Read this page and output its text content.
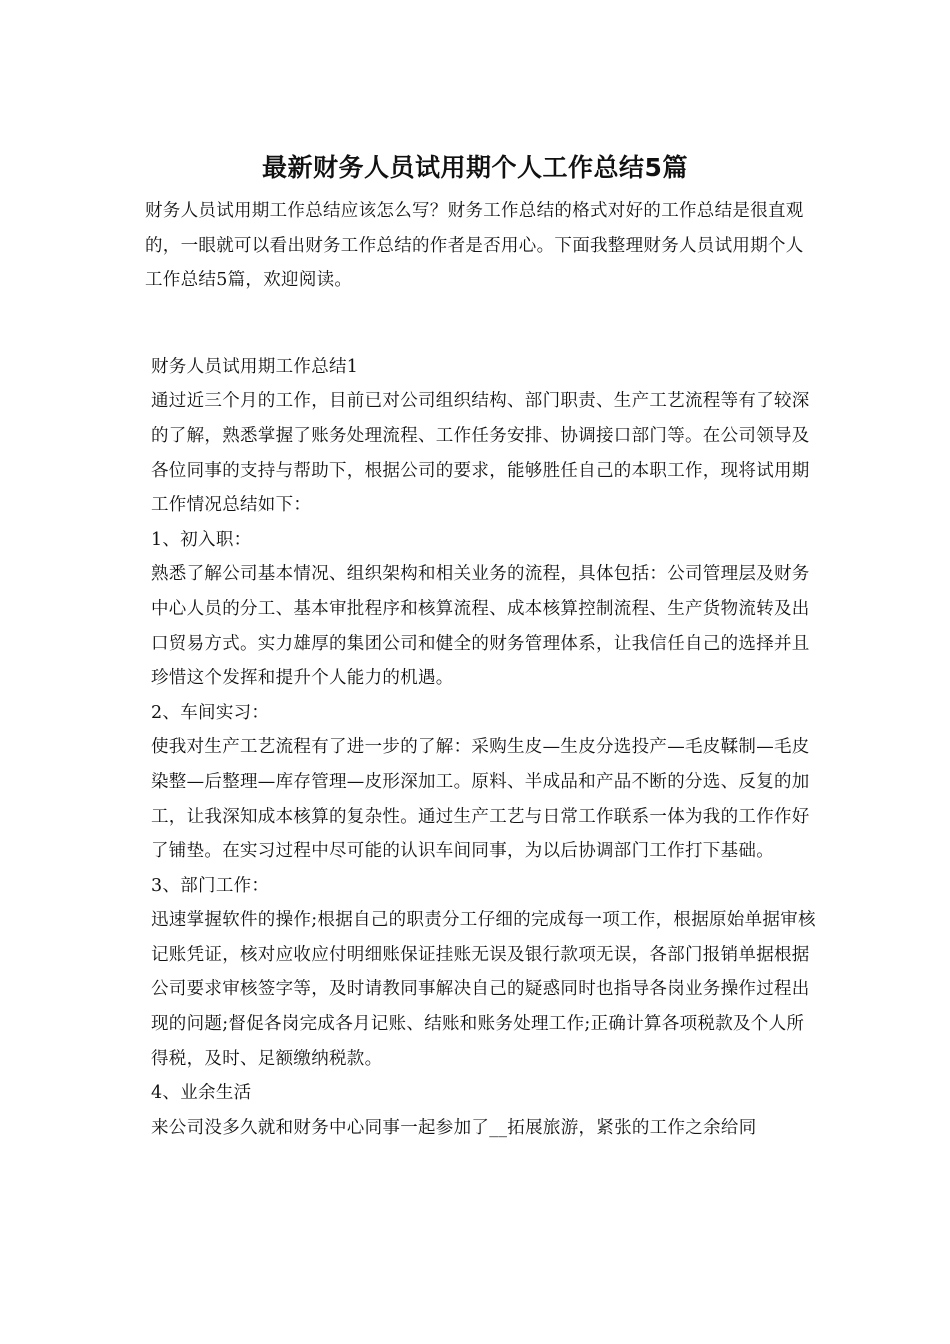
最新财务人员试用期个人工作总结5篇

财务人员试用期工作总结应该怎么写？财务工作总结的格式对好的工作总结是很直观的，一眼就可以看出财务工作总结的作者是否用心。下面我整理财务人员试用期个人工作总结5篇，欢迎阅读。

财务人员试用期工作总结1

通过近三个月的工作，目前已对公司组织结构、部门职责、生产工艺流程等有了较深的了解，熟悉掌握了账务处理流程、工作任务安排、协调接口部门等。在公司领导及各位同事的支持与帮助下，根据公司的要求，能够胜任自己的本职工作，现将试用期工作情况总结如下：

1、初入职：

熟悉了解公司基本情况、组织架构和相关业务的流程，具体包括：公司管理层及财务中心人员的分工、基本审批程序和核算流程、成本核算控制流程、生产货物流转及出口贸易方式。实力雄厚的集团公司和健全的财务管理体系，让我信任自己的选择并且珍惜这个发挥和提升个人能力的机遇。

2、车间实习：

使我对生产工艺流程有了进一步的了解：采购生皮—生皮分选投产—毛皮鞣制—毛皮染整—后整理—库存管理—皮形深加工。原料、半成品和产品不断的分选、反复的加工，让我深知成本核算的复杂性。通过生产工艺与日常工作联系一体为我的工作作好了铺垫。在实习过程中尽可能的认识车间同事，为以后协调部门工作打下基础。

3、部门工作：

迅速掌握软件的操作;根据自己的职责分工仔细的完成每一项工作，根据原始单据审核记账凭证，核对应收应付明细账保证挂账无误及银行款项无误，各部门报销单据根据公司要求审核签字等，及时请教同事解决自己的疑惑同时也指导各岗业务操作过程出现的问题;督促各岗完成各月记账、结账和账务处理工作;正确计算各项税款及个人所得税，及时、足额缴纳税款。

4、业余生活

来公司没多久就和财务中心同事一起参加了__拓展旅游，紧张的工作之余给同
